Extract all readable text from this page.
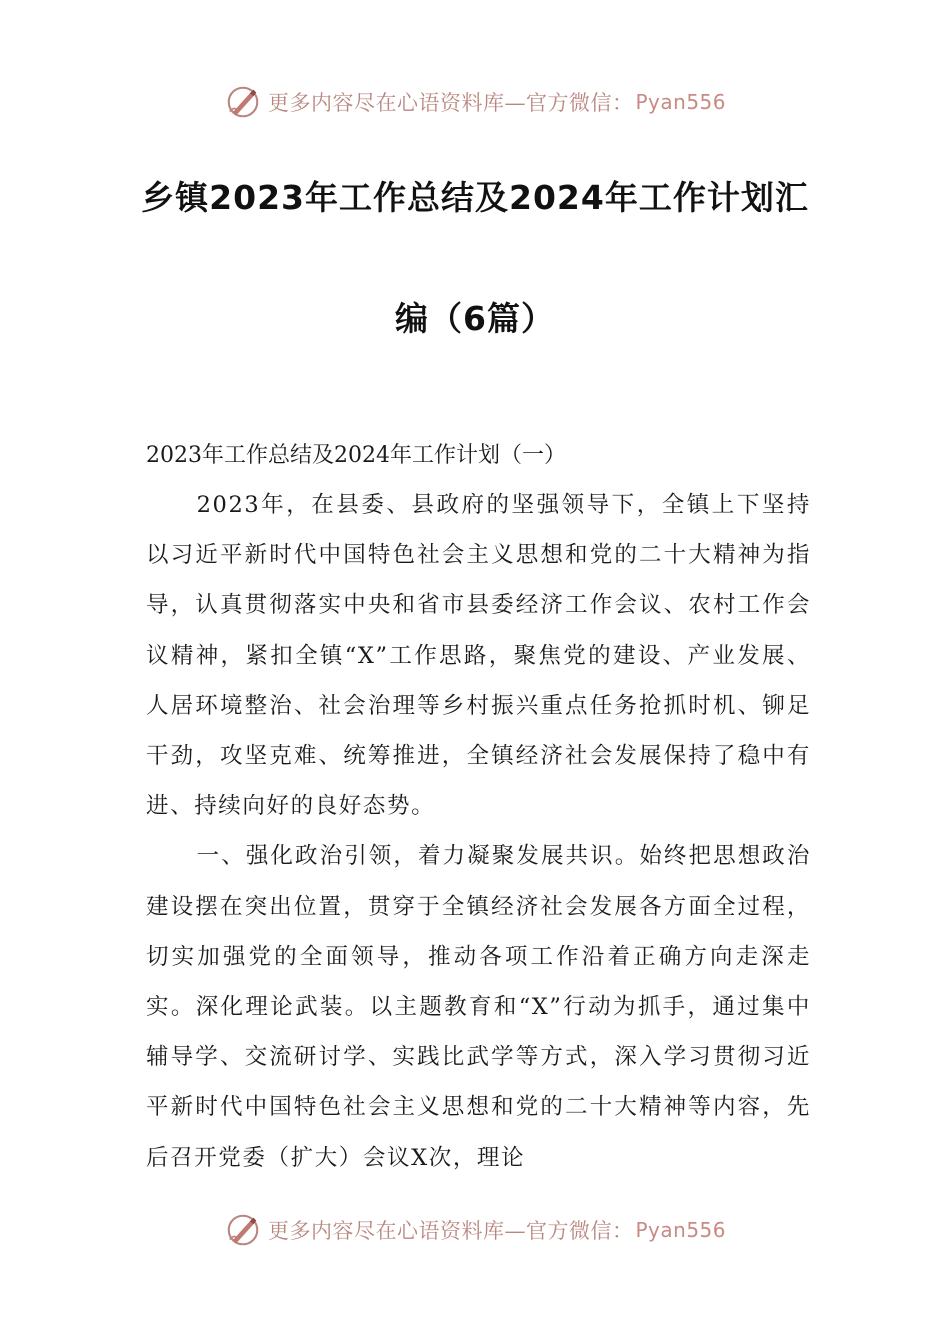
更多内容尽在心语资料库—官方微信： Pyan556
乡镇2023年工作总结及2024年工作计划汇
编（6篇）
2023年工作总结及2024年工作计划（一）

2023年，在县委、县政府的坚强领导下，全镇上下坚持以习近平新时代中国特色社会主义思想和党的二十大精神为指导，认真贯彻落实中央和省市县委经济工作会议、农村工作会议精神，紧扣全镇“X”工作思路，聚焦党的建设、产业发展、人居环境整治、社会治理等乡村振兴重点任务抢抓时机、铆足干劲，攻坚克难、统筹推进，全镇经济社会发展保持了稳中有进、持续向好的良好态势。

一、强化政治引领，着力凝聚发展共识。始终把思想政治建设摆在突出位置，贯穿于全镇经济社会发展各方面全过程，切实加强党的全面领导，推动各项工作沿着正确方向走深走实。深化理论武装。以主题教育和“X”行动为抓手，通过集中辅导学、交流研讨学、实践比武学等方式，深入学习贯彻习近平新时代中国特色社会主义思想和党的二十大精神等内容，先后召开党委（扩大）会议X次，理论

更多内容尽在心语资料库—官方微信： Pyan556
